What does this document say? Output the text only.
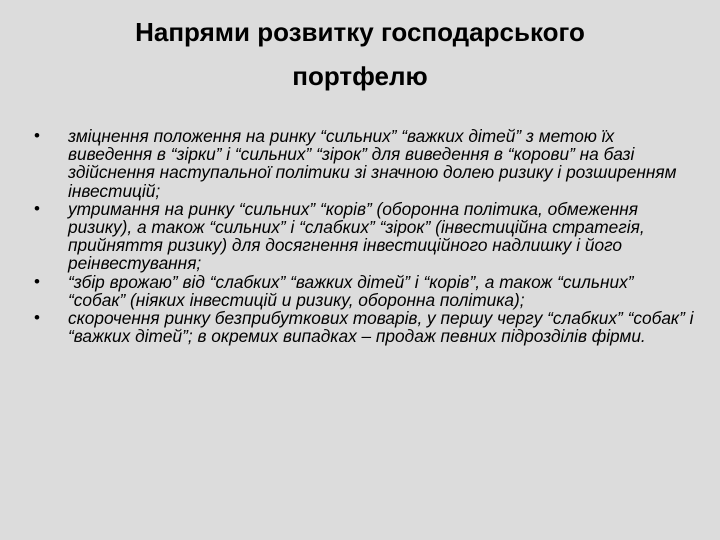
Напрями розвитку господарського
портфелю
•	зміцнення положення на ринку “сильних” “важких дітей” з метою їх виведення в “зірки” і “сильних” “зірок” для виведення в “корови” на базі здійснення наступальної політики зі значною долею ризику і розширенням інвестицій;
•	утримання на ринку “сильних” “корів” (оборонна політика, обмеження ризику), а також “сильних” і “слабких” “зірок” (інвестиційна стратегія, прийняття ризику) для досягнення інвестиційного надлишку і його реінвестування;
•	“збір врожаю” від “слабких” “важких дітей” і “корів”, а також “сильних” “собак” (ніяких інвестицій и ризику, оборонна політика);
•	скорочення ринку безприбуткових товарів, у першу чергу “слабких” “собак” і “важких дітей”; в окремих випадках – продаж певних підрозділів фірми.
